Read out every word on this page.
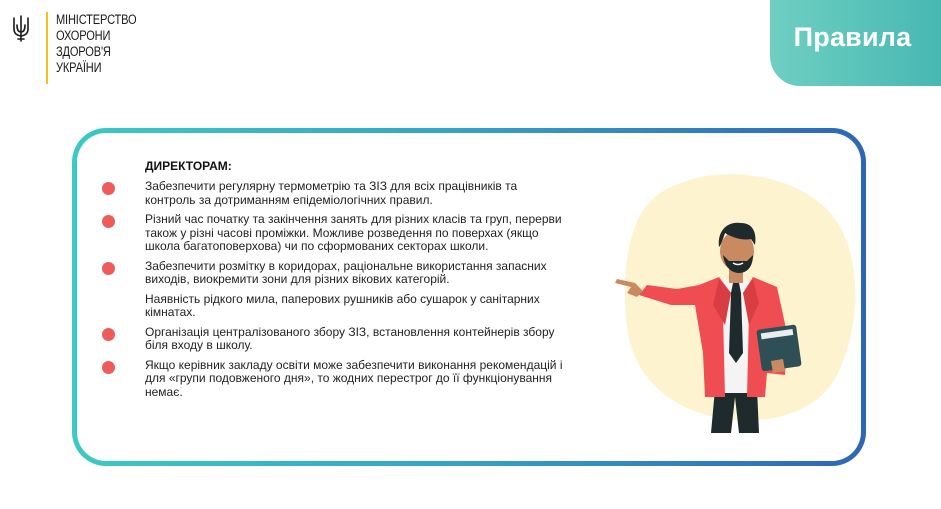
МІНІСТЕРСТВО
ОХОРОНИ
ЗДОРОВ'Я
УКРАЇНИ
Правила
ДИРЕКТОРАМ:
Забезпечити регулярну термометрію та ЗІЗ для всіх працівників та контроль за дотриманням епідеміологічних правил.
Різний час початку та закінчення занять для різних класів та груп, перерви також у різні часові проміжки. Можливе розведення по поверхах (якщо школа багатоповерхова) чи по сформованих секторах школи.
Забезпечити розмітку в коридорах, раціональне використання запасних виходів, виокремити зони для різних вікових категорій.
Наявність рідкого мила, паперових рушників або сушарок у санітарних кімнатах.
Організація централізованого збору ЗІЗ, встановлення контейнерів збору біля входу в школу.
Якщо керівник закладу освіти може забезпечити виконання рекомендацій і для «групи подовженого дня», то жодних перестрог до її функціонування немає.
